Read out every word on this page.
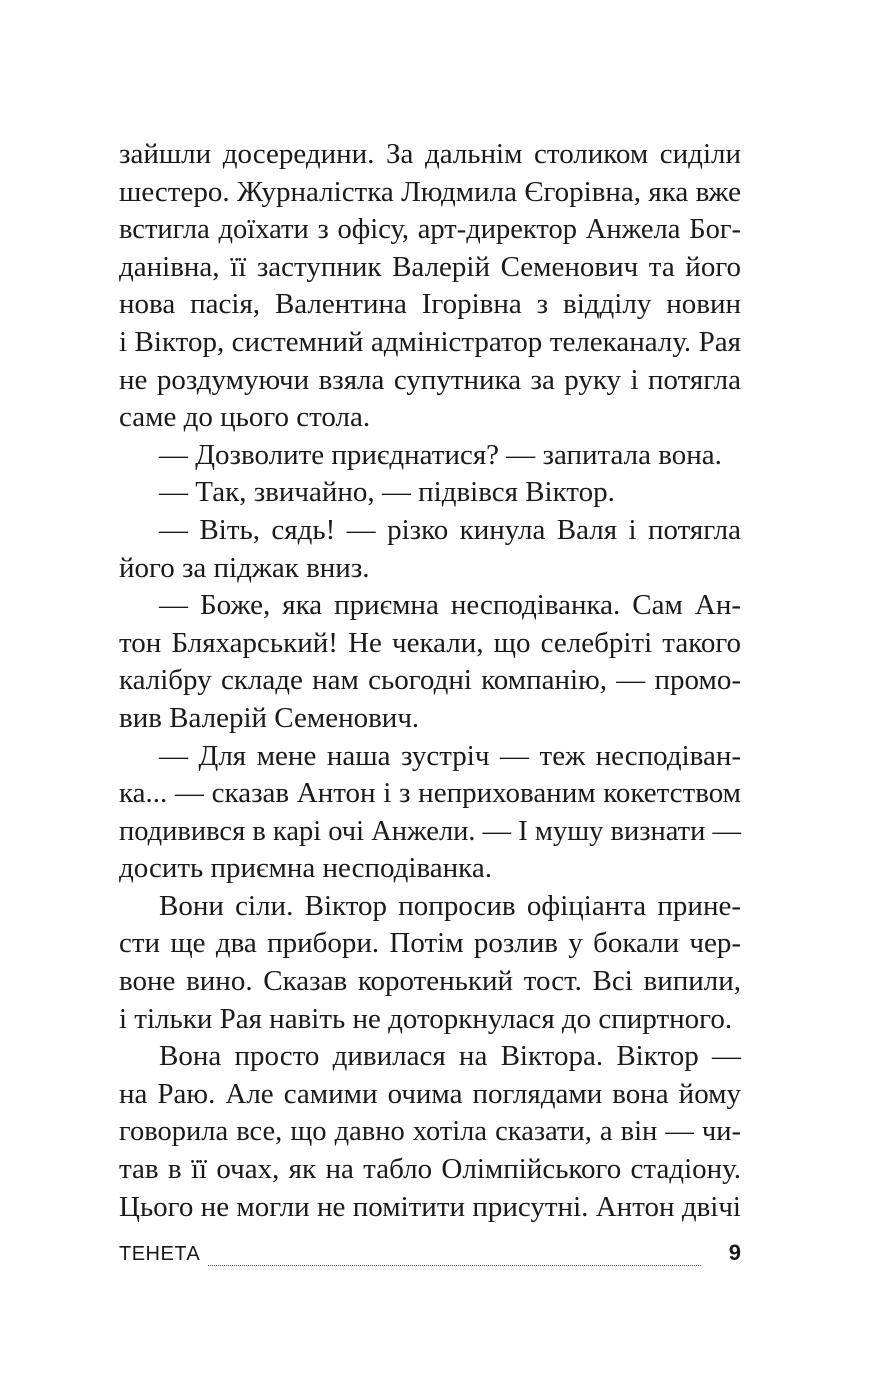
зайшли досередини. За дальнім столиком сиділи
шестеро. Журналістка Людмила Єгорівна, яка вже
встигла доїхати з офісу, арт-директор Анжела Бог-
данівна, її заступник Валерій Семенович та його
нова пасія, Валентина Ігорівна з відділу новин
і Віктор, системний адміністратор телеканалу. Рая
не роздумуючи взяла супутника за руку і потягла
саме до цього стола.
— Дозволите приєднатися? — запитала вона.
— Так, звичайно, — підвівся Віктор.
— Віть, сядь! — різко кинула Валя і потягла
його за піджак вниз.
— Боже, яка приємна несподіванка. Сам Ан-
тон Бляхарський! Не чекали, що селебріті такого
калібру складе нам сьогодні компанію, — промо-
вив Валерій Семенович.
— Для мене наша зустріч — теж несподіван-
ка... — сказав Антон і з неприхованим кокетством
подивився в карі очі Анжели. — І мушу визнати —
досить приємна несподіванка.
Вони сіли. Віктор попросив офіціанта прине-
сти ще два прибори. Потім розлив у бокали чер-
воне вино. Сказав коротенький тост. Всі випили,
і тільки Рая навіть не доторкнулася до спиртного.
Вона просто дивилася на Віктора. Віктор —
на Раю. Але самими очима поглядами вона йому
говорила все, що давно хотіла сказати, а він — чи-
тав в її очах, як на табло Олімпійського стадіону.
Цього не могли не помітити присутні. Антон двічі
ТЕНЕТА	9
